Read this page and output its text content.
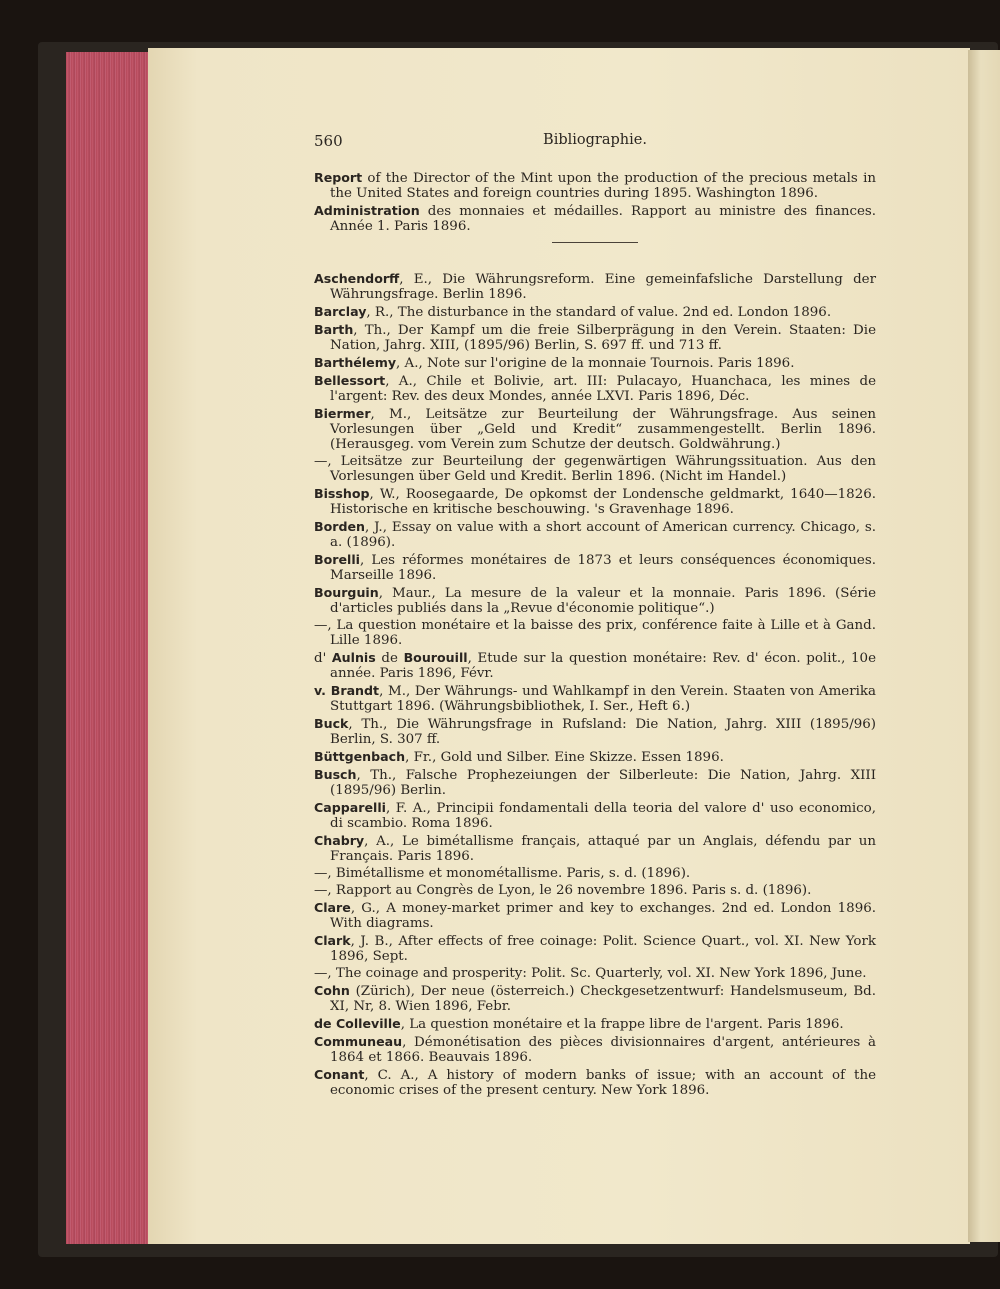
560	Bibliographie.
Report of the Director of the Mint upon the production of the precious metals in the United States and foreign countries during 1895. Washington 1896.
Administration des monnaies et médailles. Rapport au ministre des finances. Année 1. Paris 1896.
Aschendorff, E., Die Währungsreform. Eine gemeinfafsliche Darstellung der Währungsfrage. Berlin 1896.
Barclay, R., The disturbance in the standard of value. 2nd ed. London 1896.
Barth, Th., Der Kampf um die freie Silberprägung in den Verein. Staaten: Die Nation, Jahrg. XIII, (1895/96) Berlin, S. 697 ff. und 713 ff.
Barthélemy, A., Note sur l'origine de la monnaie Tournois. Paris 1896.
Bellessort, A., Chile et Bolivie, art. III: Pulacayo, Huanchaca, les mines de l'argent: Rev. des deux Mondes, année LXVI. Paris 1896, Déc.
Biermer, M., Leitsätze zur Beurteilung der Währungsfrage. Aus seinen Vorlesungen über „Geld und Kredit“ zusammengestellt. Berlin 1896. (Herausgeg. vom Verein zum Schutze der deutsch. Goldwährung.)
—, Leitsätze zur Beurteilung der gegenwärtigen Währungssituation. Aus den Vorlesungen über Geld und Kredit. Berlin 1896. (Nicht im Handel.)
Bisshop, W., Roosegaarde, De opkomst der Londensche geldmarkt, 1640—1826. Historische en kritische beschouwing. 's Gravenhage 1896.
Borden, J., Essay on value with a short account of American currency. Chicago, s. a. (1896).
Borelli, Les réformes monétaires de 1873 et leurs conséquences économiques. Marseille 1896.
Bourguin, Maur., La mesure de la valeur et la monnaie. Paris 1896. (Série d'articles publiés dans la „Revue d'économie politique“.)
—, La question monétaire et la baisse des prix, conférence faite à Lille et à Gand. Lille 1896.
d' Aulnis de Bourouill, Etude sur la question monétaire: Rev. d' écon. polit., 10e année. Paris 1896, Févr.
v. Brandt, M., Der Währungs- und Wahlkampf in den Verein. Staaten von Amerika Stuttgart 1896. (Währungsbibliothek, I. Ser., Heft 6.)
Buck, Th., Die Währungsfrage in Rufsland: Die Nation, Jahrg. XIII (1895/96) Berlin, S. 307 ff.
Büttgenbach, Fr., Gold und Silber. Eine Skizze. Essen 1896.
Busch, Th., Falsche Prophezeiungen der Silberleute: Die Nation, Jahrg. XIII (1895/96) Berlin.
Capparelli, F. A., Principii fondamentali della teoria del valore d' uso economico, di scambio. Roma 1896.
Chabry, A., Le bimétallisme français, attaqué par un Anglais, défendu par un Français. Paris 1896.
—, Bimétallisme et monométallisme. Paris, s. d. (1896).
—, Rapport au Congrès de Lyon, le 26 novembre 1896. Paris s. d. (1896).
Clare, G., A money-market primer and key to exchanges. 2nd ed. London 1896. With diagrams.
Clark, J. B., After effects of free coinage: Polit. Science Quart., vol. XI. New York 1896, Sept.
—, The coinage and prosperity: Polit. Sc. Quarterly, vol. XI. New York 1896, June.
Cohn (Zürich), Der neue (österreich.) Checkgesetzentwurf: Handelsmuseum, Bd. XI, Nr, 8. Wien 1896, Febr.
de Colleville, La question monétaire et la frappe libre de l'argent. Paris 1896.
Communeau, Démonétisation des pièces divisionnaires d'argent, antérieures à 1864 et 1866. Beauvais 1896.
Conant, C. A., A history of modern banks of issue; with an account of the economic crises of the present century. New York 1896.
